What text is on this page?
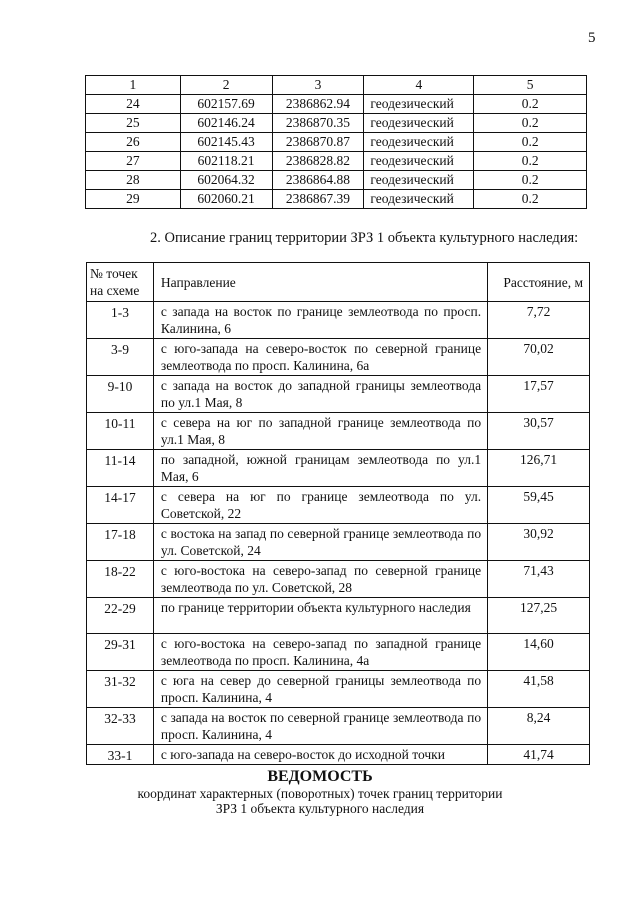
5
1	2	3	4	5
24	602157.69	2386862.94	геодезический	0.2
25	602146.24	2386870.35	геодезический	0.2
26	602145.43	2386870.87	геодезический	0.2
27	602118.21	2386828.82	геодезический	0.2
28	602064.32	2386864.88	геодезический	0.2
29	602060.21	2386867.39	геодезический	0.2
2. Описание границ территории ЗРЗ 1 объекта культурного наследия:
№ точек на схеме	Направление	Расстояние, м
1-3	с запада на восток по границе землеотвода по просп. Калинина, 6	7,72
3-9	с юго-запада на северо-восток по северной границе землеотвода по просп. Калинина, 6а	70,02
9-10	с запада на восток до западной границы землеотвода по ул.1 Мая, 8	17,57
10-11	с севера на юг по западной границе землеотвода по ул.1 Мая, 8	30,57
11-14	по западной, южной границам землеотвода по ул.1 Мая, 6	126,71
14-17	с севера на юг по границе землеотвода по ул. Советской, 22	59,45
17-18	с востока на запад по северной границе землеотвода по ул. Советской, 24	30,92
18-22	с юго-востока на северо-запад по северной границе землеотвода по ул. Советской, 28	71,43
22-29	по границе территории объекта культурного наследия	127,25
29-31	с юго-востока на северо-запад по западной границе землеотвода по просп. Калинина, 4а	14,60
31-32	с юга на север до северной границы землеотвода по просп. Калинина, 4	41,58
32-33	с запада на восток по северной границе землеотвода по просп. Калинина, 4	8,24
33-1	с юго-запада на северо-восток до исходной точки	41,74
ВЕДОМОСТЬ
координат характерных (поворотных) точек границ территории
ЗРЗ 1 объекта культурного наследия
